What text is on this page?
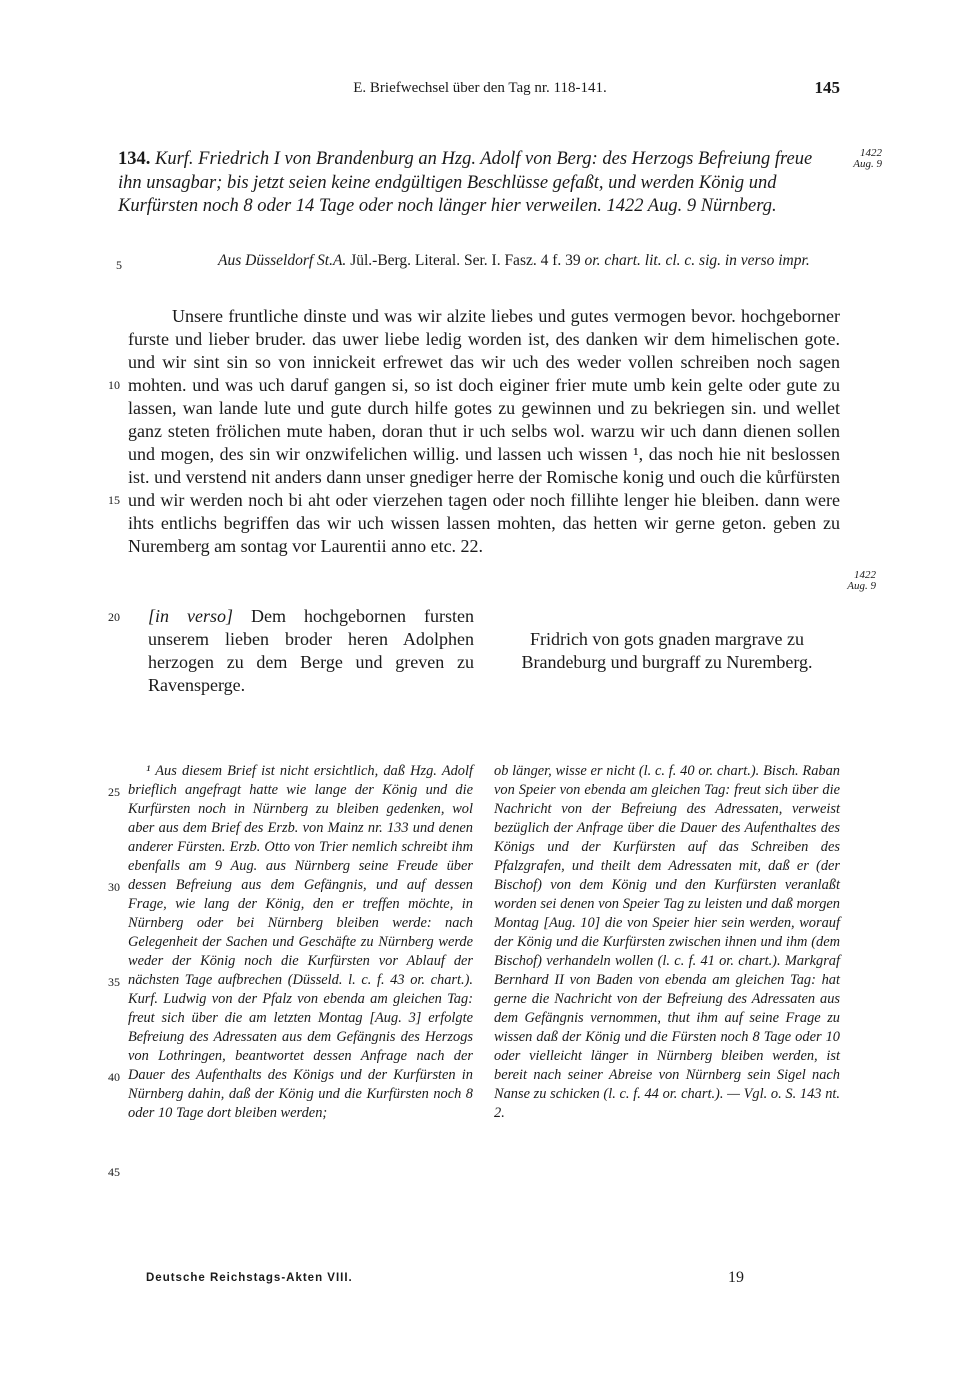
E. Briefwechsel über den Tag nr. 118-141.	145
134. Kurf. Friedrich I von Brandenburg an Hzg. Adolf von Berg: des Herzogs Befreiung freue ihn unsagbar; bis jetzt seien keine endgültigen Beschlüsse gefaßt, und werden König und Kurfürsten noch 8 oder 14 Tage oder noch länger hier verweilen. 1422 Aug. 9 Nürnberg.
1422
Aug. 9
5	Aus Düsseldorf St.A. Jül.-Berg. Literal. Ser. I. Fasz. 4 f. 39 or. chart. lit. cl. c. sig. in verso impr.
10
15
20

Unsere fruntliche dinste und was wir alzite liebes und gutes vermogen bevor. hochgeborner furste und lieber bruder. das uwer liebe ledig worden ist, des danken wir dem himelischen gote. und wir sint sin so von innickeit erfrewet das wir uch des weder vollen schreiben noch sagen mohten. und was uch daruf gangen si, so ist doch eiginer frier mute umb kein gelte oder gute zu lassen, wan lande lute und gute durch hilfe gotes zu gewinnen und zu bekriegen sin. und wellet ganz steten frölichen mute haben, doran thut ir uch selbs wol. warzu wir uch dann dienen sollen und mogen, des sin wir onzwifelichen willig. und lassen uch wissen ¹, das noch hie nit beslossen ist. und verstend nit anders dann unser gnediger herre der Romische konig und ouch die kůrfürsten und wir werden noch bi aht oder vierzehen tagen oder noch fillihte lenger hie bleiben. dann were ihts entlichs begriffen das wir uch wissen lassen mohten, das hetten wir gerne geton. geben zu Nuremberg am sontag vor Laurentii anno etc. 22.

1422
Aug. 9
[in verso] Dem hochgebornen fursten unserem lieben broder heren Adolphen herzogen zu dem Berge und greven zu Ravensperge.
Fridrich von gots gnaden margrave zu Brandeburg und burgraff zu Nuremberg.
25
30
35
40
45

¹ Aus diesem Brief ist nicht ersichtlich, daß Hzg. Adolf brieflich angefragt hatte wie lange der König und die Kurfürsten noch in Nürnberg zu bleiben gedenken, wol aber aus dem Brief des Erzb. von Mainz nr. 133 und denen anderer Fürsten. Erzb. Otto von Trier nemlich schreibt ihm ebenfalls am 9 Aug. aus Nürnberg seine Freude über dessen Befreiung aus dem Gefängnis, und auf dessen Frage, wie lang der König, den er treffen möchte, in Nürnberg oder bei Nürnberg bleiben werde: nach Gelegenheit der Sachen und Geschäfte zu Nürnberg werde weder der König noch die Kurfürsten vor Ablauf der nächsten Tage aufbrechen (Düsseld. l. c. f. 43 or. chart.). Kurf. Ludwig von der Pfalz von ebenda am gleichen Tag: freut sich über die am letzten Montag [Aug. 3] erfolgte Befreiung des Adressaten aus dem Gefängnis des Herzogs von Lothringen, beantwortet dessen Anfrage nach der Dauer des Aufenthalts des Königs und der Kurfürsten in Nürnberg dahin, daß der König und die Kurfürsten noch 8 oder 10 Tage dort bleiben werden;

ob länger, wisse er nicht (l. c. f. 40 or. chart.). Bisch. Raban von Speier von ebenda am gleichen Tag: freut sich über die Nachricht von der Befreiung des Adressaten, verweist bezüglich der Anfrage über die Dauer des Aufenthaltes des Königs und der Kurfürsten auf das Schreiben des Pfalzgrafen, und theilt dem Adressaten mit, daß er (der Bischof) von dem König und den Kurfürsten veranlaßt worden sei denen von Speier Tag zu leisten und daß morgen Montag [Aug. 10] die von Speier hier sein werden, worauf der König und die Kurfürsten zwischen ihnen und ihm (dem Bischof) verhandeln wollen (l. c. f. 41 or. chart.). Markgraf Bernhard II von Baden von ebenda am gleichen Tag: hat gerne die Nachricht von der Befreiung des Adressaten aus dem Gefängnis vernommen, thut ihm auf seine Frage zu wissen daß der König und die Fürsten noch 8 Tage oder 10 oder vielleicht länger in Nürnberg bleiben werden, ist bereit nach seiner Abreise von Nürnberg sein Sigel nach Nanse zu schicken (l. c. f. 44 or. chart.). — Vgl. o. S. 143 nt. 2.

Deutsche Reichstags-Akten VIII.	19
